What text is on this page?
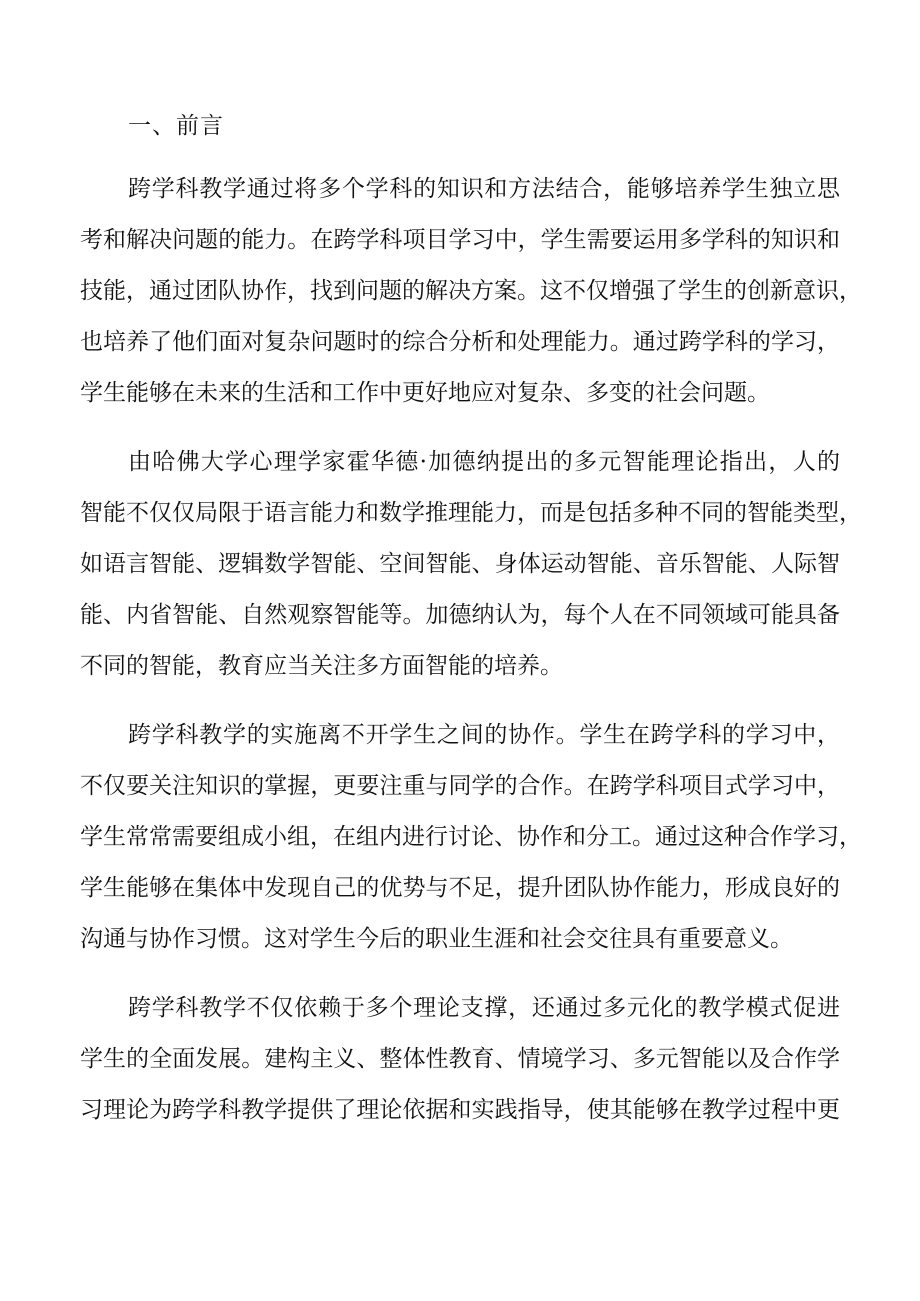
一、前言
跨学科教学通过将多个学科的知识和方法结合，能够培养学生独立思
考和解决问题的能力。在跨学科项目学习中，学生需要运用多学科的知识和
技能，通过团队协作，找到问题的解决方案。这不仅增强了学生的创新意识，
也培养了他们面对复杂问题时的综合分析和处理能力。通过跨学科的学习，
学生能够在未来的生活和工作中更好地应对复杂、多变的社会问题。
由哈佛大学心理学家霍华德·加德纳提出的多元智能理论指出，人的
智能不仅仅局限于语言能力和数学推理能力，而是包括多种不同的智能类型，
如语言智能、逻辑数学智能、空间智能、身体运动智能、音乐智能、人际智
能、内省智能、自然观察智能等。加德纳认为，每个人在不同领域可能具备
不同的智能，教育应当关注多方面智能的培养。
跨学科教学的实施离不开学生之间的协作。学生在跨学科的学习中，
不仅要关注知识的掌握，更要注重与同学的合作。在跨学科项目式学习中，
学生常常需要组成小组，在组内进行讨论、协作和分工。通过这种合作学习，
学生能够在集体中发现自己的优势与不足，提升团队协作能力，形成良好的
沟通与协作习惯。这对学生今后的职业生涯和社会交往具有重要意义。
跨学科教学不仅依赖于多个理论支撑，还通过多元化的教学模式促进
学生的全面发展。建构主义、整体性教育、情境学习、多元智能以及合作学
习理论为跨学科教学提供了理论依据和实践指导，使其能够在教学过程中更
